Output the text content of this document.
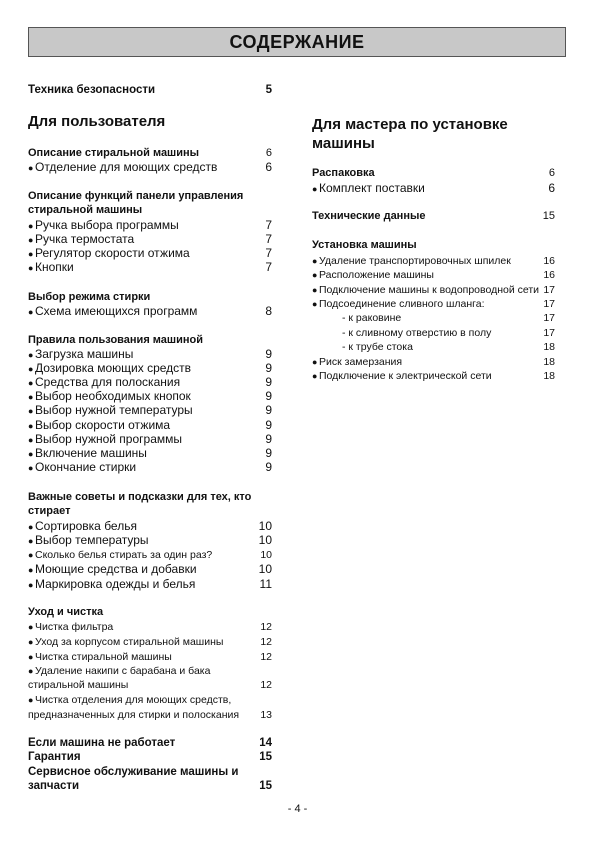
СОДЕРЖАНИЕ
Техника безопасности	5
Для пользователя
Описание стиральной машины	6
● Отделение для моющих средств	6
Описание функций панели управления
стиральной машины
● Ручка выбора программы	7
● Ручка термостата	7
● Регулятор скорости отжима	7
● Кнопки	7
Выбор режима стирки
● Схема имеющихся программ	8
Правила пользования машиной
● Загрузка машины	9
● Дозировка моющих средств	9
● Средства для полоскания	9
● Выбор необходимых кнопок	9
● Выбор нужной температуры	9
● Выбор скорости отжима	9
● Выбор нужной программы	9
● Включение машины	9
● Окончание стирки	9
Важные советы и подсказки для тех, кто
стирает
● Сортировка белья	10
● Выбор температуры	10
● Сколько белья стирать за один раз?	10
● Моющие средства и добавки	10
● Маркировка одежды и белья	11
Уход и чистка
● Чистка фильтра	12
● Уход за корпусом стиральной машины	12
● Чистка стиральной машины	12
● Удаление накипи с барабана и бака
стиральной машины	12
● Чистка отделения для моющих средств,
предназначенных для стирки и полоскания 13
Если машина не работает	14
Гарантия	15
Сервисное обслуживание машины и
запчасти	15
Для мастера по установке
машины
Распаковка	6
● Комплект поставки	6
Технические данные	15
Установка машины
● Удаление транспортировочных шпилек	16
● Расположение машины	16
● Подключение машины к водопроводной сети 17
● Подсоединение сливного шланга:	17
- к раковине	17
- к сливному отверстию в полу	17
- к трубе стока	18
● Риск замерзания	18
● Подключение к электрической сети	18
- 4 -
